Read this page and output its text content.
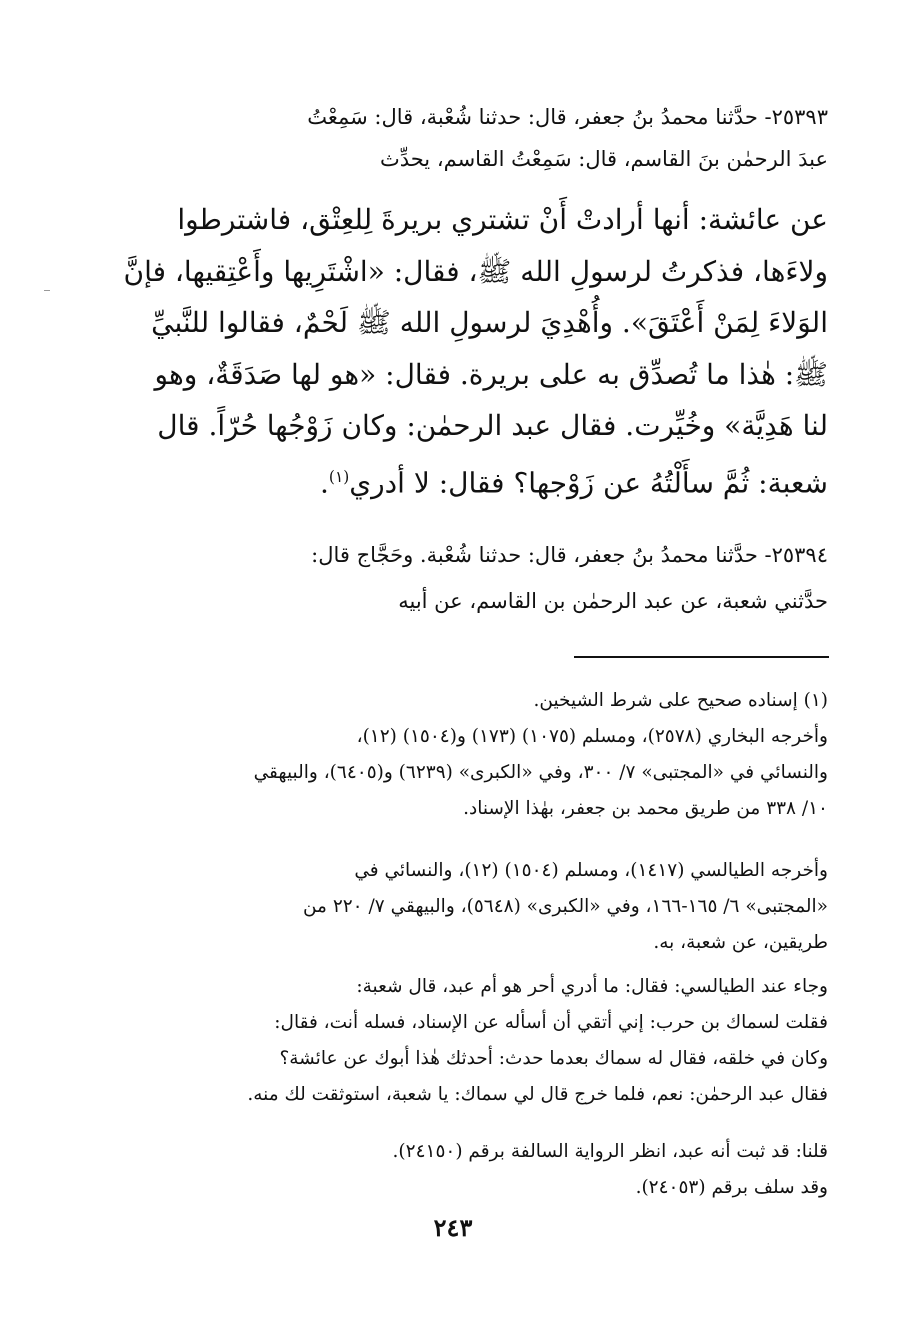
٢٥٣٩٣- حدَّثنا محمدُ بنُ جعفر، قال: حدثنا شُعْبة، قال: سَمِعْتُ
عبدَ الرحمٰن بنَ القاسم، قال: سَمِعْتُ القاسم، يحدِّث
عن عائشة: أنها أرادتْ أَنْ تشتري بريرةَ لِلعِتْق، فاشترطوا
ولاءَها، فذكرتُ لرسولِ الله ﷺ، فقال: «اشْتَرِيها وأَعْتِقيها، فإنَّ
الوَلاءَ لِمَنْ أَعْتَقَ». وأُهْدِيَ لرسولِ الله ﷺ لَحْمٌ، فقالوا للنَّبيِّ
ﷺ: هٰذا ما تُصدِّق به على بريرة. فقال: «هو لها صَدَقَةٌ، وهو
لنا هَدِيَّة» وخُيِّرت. فقال عبد الرحمٰن: وكان زَوْجُها حُرّاً. قال
شعبة: ثُمَّ سأَلْتُهُ عن زَوْجها؟ فقال: لا أدري$^{(١)}$.
٢٥٣٩٤- حدَّثنا محمدُ بنُ جعفر، قال: حدثنا شُعْبة. وحَجَّاج قال:
حدَّثني شعبة، عن عبد الرحمٰن بن القاسم، عن أبيه
(١) إسناده صحيح على شرط الشيخين.
وأخرجه البخاري (٢٥٧٨)، ومسلم (١٠٧٥) (١٧٣) و(١٥٠٤) (١٢)،
والنسائي في «المجتبى» ٧/ ٣٠٠، وفي «الكبرى» (٦٢٣٩) و(٦٤٠٥)، والبيهقي
١٠/ ٣٣٨ من طريق محمد بن جعفر، بهٰذا الإسناد.
وأخرجه الطيالسي (١٤١٧)، ومسلم (١٥٠٤) (١٢)، والنسائي في
«المجتبى» ٦/ ١٦٥-١٦٦، وفي «الكبرى» (٥٦٤٨)، والبيهقي ٧/ ٢٢٠ من
طريقين، عن شعبة، به.
وجاء عند الطيالسي: فقال: ما أدري أحر هو أم عبد، قال شعبة:
فقلت لسماك بن حرب: إني أتقي أن أسأله عن الإسناد، فسله أنت، فقال:
وكان في خلقه، فقال له سماك بعدما حدث: أحدثك هٰذا أبوك عن عائشة؟
فقال عبد الرحمٰن: نعم، فلما خرج قال لي سماك: يا شعبة، استوثقت لك منه.
قلنا: قد ثبت أنه عبد، انظر الرواية السالفة برقم (٢٤١٥٠).
وقد سلف برقم (٢٤٠٥٣).
٢٤٣
